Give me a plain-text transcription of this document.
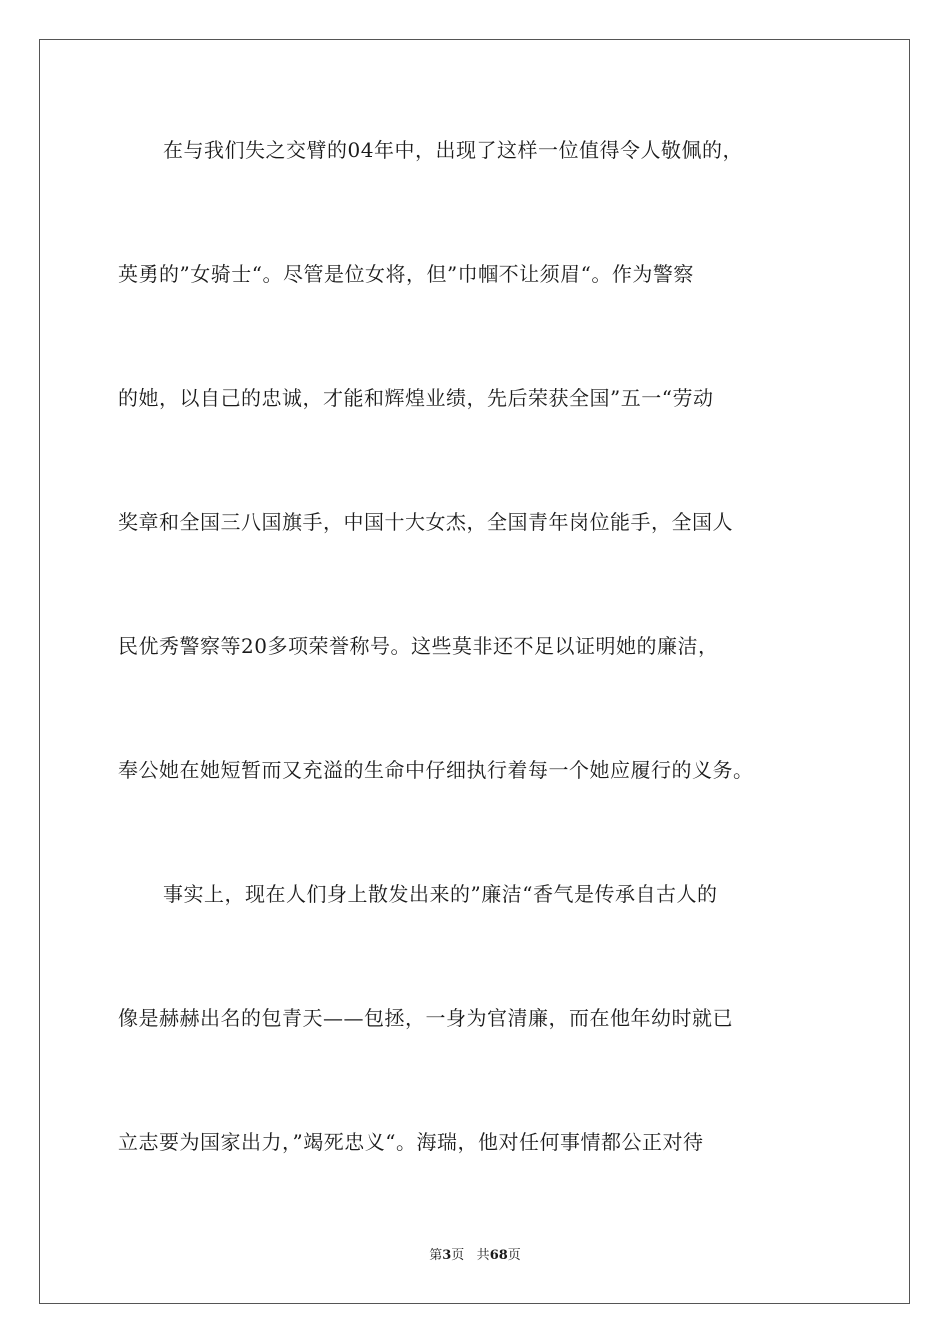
在与我们失之交臂的04年中，出现了这样一位值得令人敬佩的，
英勇的”女骑士“。尽管是位女将，但”巾帼不让须眉“。作为警察
的她，以自己的忠诚，才能和辉煌业绩，先后荣获全国”五一“劳动
奖章和全国三八国旗手，中国十大女杰，全国青年岗位能手，全国人
民优秀警察等20多项荣誉称号。这些莫非还不足以证明她的廉洁，
奉公她在她短暂而又充溢的生命中仔细执行着每一个她应履行的义务。
事实上，现在人们身上散发出来的”廉洁“香气是传承自古人的
像是赫赫出名的包青天——包拯，一身为官清廉，而在他年幼时就已
立志要为国家出力，”竭死忠义“。海瑞，他对任何事情都公正对待
第3页 共68页
